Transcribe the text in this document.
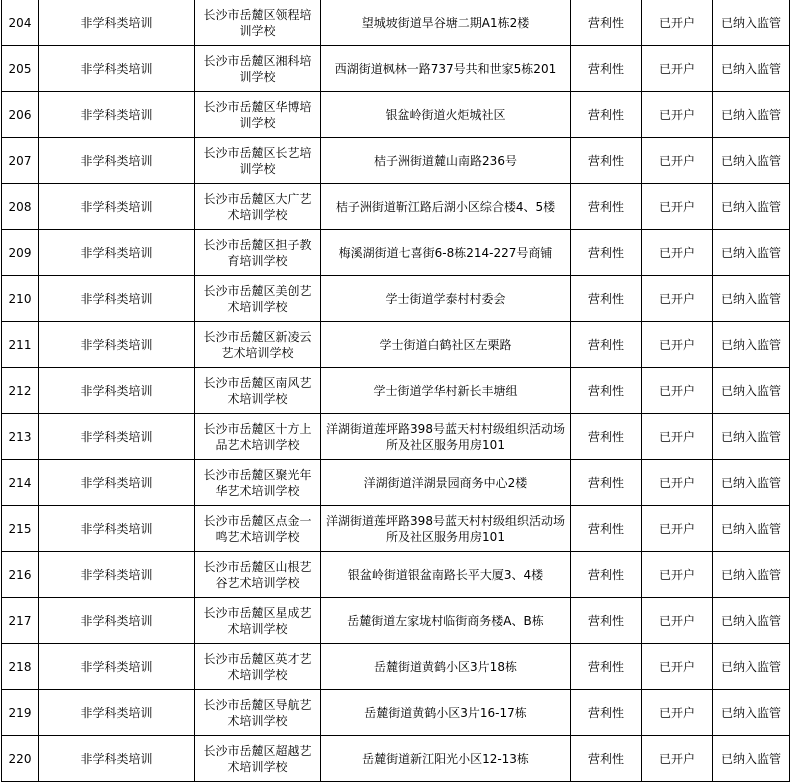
204	非学科类培训	长沙市岳麓区领程培训学校	望城坡街道旱谷塘二期A1栋2楼	营利性	已开户	已纳入监管
205	非学科类培训	长沙市岳麓区湘科培训学校	西湖街道枫林一路737号共和世家5栋201	营利性	已开户	已纳入监管
206	非学科类培训	长沙市岳麓区华博培训学校	银盆岭街道火炬城社区	营利性	已开户	已纳入监管
207	非学科类培训	长沙市岳麓区长艺培训学校	桔子洲街道麓山南路236号	营利性	已开户	已纳入监管
208	非学科类培训	长沙市岳麓区大广艺术培训学校	桔子洲街道靳江路后湖小区综合楼4、5楼	营利性	已开户	已纳入监管
209	非学科类培训	长沙市岳麓区担子教育培训学校	梅溪湖街道七喜街6-8栋214-227号商铺	营利性	已开户	已纳入监管
210	非学科类培训	长沙市岳麓区美创艺术培训学校	学士街道学泰村村委会	营利性	已开户	已纳入监管
211	非学科类培训	长沙市岳麓区新凌云艺术培训学校	学士街道白鹤社区左栗路	营利性	已开户	已纳入监管
212	非学科类培训	长沙市岳麓区南风艺术培训学校	学士街道学华村新长丰塘组	营利性	已开户	已纳入监管
213	非学科类培训	长沙市岳麓区十方上品艺术培训学校	洋湖街道莲坪路398号蓝天村村级组织活动场所及社区服务用房101	营利性	已开户	已纳入监管
214	非学科类培训	长沙市岳麓区聚光年华艺术培训学校	洋湖街道洋湖景园商务中心2楼	营利性	已开户	已纳入监管
215	非学科类培训	长沙市岳麓区点金一鸣艺术培训学校	洋湖街道莲坪路398号蓝天村村级组织活动场所及社区服务用房101	营利性	已开户	已纳入监管
216	非学科类培训	长沙市岳麓区山根艺谷艺术培训学校	银盆岭街道银盆南路长平大厦3、4楼	营利性	已开户	已纳入监管
217	非学科类培训	长沙市岳麓区星成艺术培训学校	岳麓街道左家垅村临街商务楼A、B栋	营利性	已开户	已纳入监管
218	非学科类培训	长沙市岳麓区英才艺术培训学校	岳麓街道黄鹤小区3片18栋	营利性	已开户	已纳入监管
219	非学科类培训	长沙市岳麓区导航艺术培训学校	岳麓街道黄鹤小区3片16-17栋	营利性	已开户	已纳入监管
220	非学科类培训	长沙市岳麓区超越艺术培训学校	岳麓街道新江阳光小区12-13栋	营利性	已开户	已纳入监管
